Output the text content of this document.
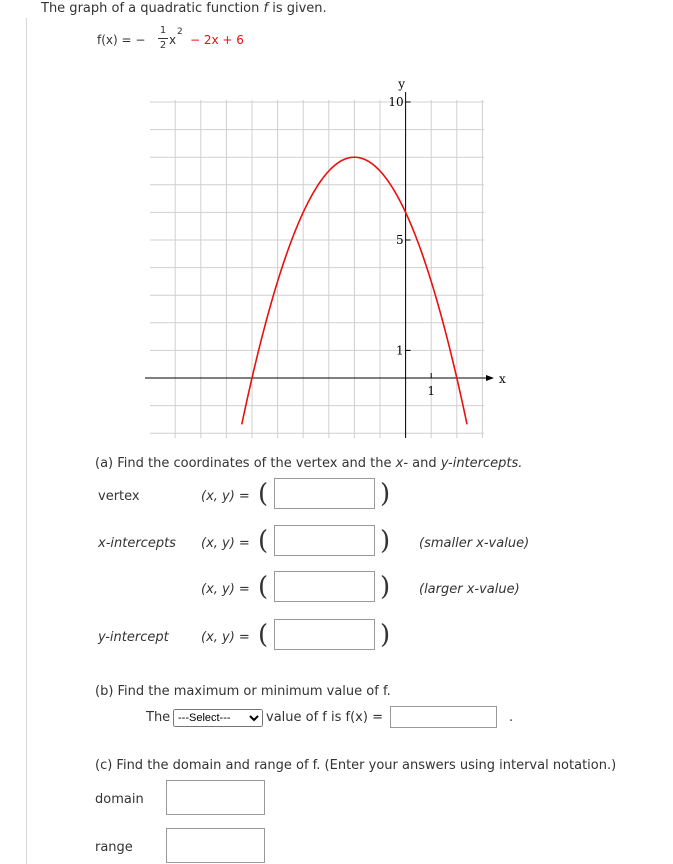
The graph of a quadratic function f is given.
f(x) = −
1
2 x
2
− 2x + 6
y
x
10
5
1
1
(a) Find the coordinates of the vertex and the x- and y-intercepts.
vertex	(x, y) = (	)
x-intercepts (x, y) = (	) (smaller x-value)
(x, y) = (	) (larger x-value)
y-intercept (x, y) = (	)
(b) Find the maximum or minimum value of f.
The
---Select---	value of f is f(x) =	.
(c) Find the domain and range of f. (Enter your answers using interval notation.)
domain
range
